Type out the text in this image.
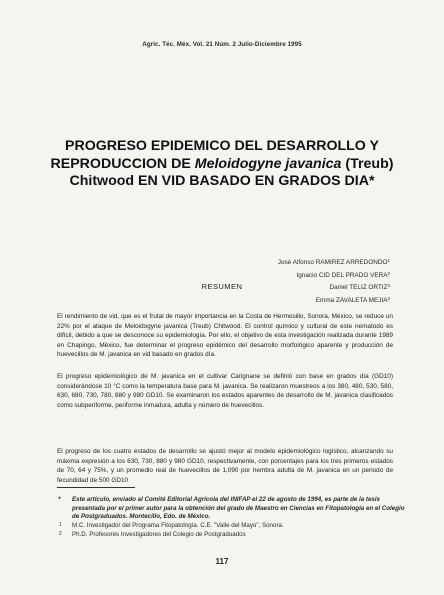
Agric. Téc. Méx. Vol. 21 Núm. 2 Julio-Diciembre 1995
PROGRESO EPIDEMICO DEL DESARROLLO Y REPRODUCCION DE Meloidogyne javanica (Treub) Chitwood EN VID BASADO EN GRADOS DIA*
José Alfonso RAMIREZ ARREDONDO$^1$
Ignacio CID DEL PRADO VERA$^2$
Daniel TELIZ ORTIZ$^2$
Emma ZAVALETA MEJIA$^2$
RESUMEN

El rendimiento de vid, que es el frutal de mayor importancia en la Costa de Hermosillo, Sonora, México, se reduce un 22% por el ataque de Meloidogyne javanica (Treub) Chitwood. El control químico y cultural de este nematodo es difícil, debido a que se desconoce su epidemiología. Por ello, el objetivo de esta investigación realizada durante 1989 en Chapingo, México, fue determinar el progreso epidémico del desarrollo morfológico aparente y producción de huevecillos de M. javanica en vid basado en grados día.

El progreso epidemiológico de M. javanica en el cultivar Carignane se definió con base en grados día (GD10) considerándose 10 °C como la temperatura base para M. javanica. Se realizaron muestreos a los 380, 480, 530, 580, 630, 680, 730, 780, 880 y 980 GD10. Se examinaron los estados aparentes de desarrollo de M. javanica clasificados como subperiforme, periforme inmadura, adulta y número de huevecillos.

El progreso de los cuatro estados de desarrollo se ajustó mejor al modelo epidemiológico logístico, alcanzando su máxima expresión a los 630, 730, 880 y 980 GD10, respectivamente, con porcentajes para los tres primeros estados de 70, 64 y 75%, y un promedio real de huevecillos de 1,090 por hembra adulta de M. javanica en un periodo de fecundidad de 500 GD10

* Este artículo, enviado al Comité Editorial Agrícola del INIFAP el 22 de agosto de 1994, es parte de la tesis presentada por el primer autor para la obtención del grado de Maestro en Ciencias en Fitopatología en el Colegio de Postgraduados. Montecillo, Edo. de México.
1 M.C. Investigador del Programa Fitopatología. C.E. "Valle del Mayo", Sonora.
2 Ph.D. Profesores Investigadores del Colegio de Postgraduados
117
